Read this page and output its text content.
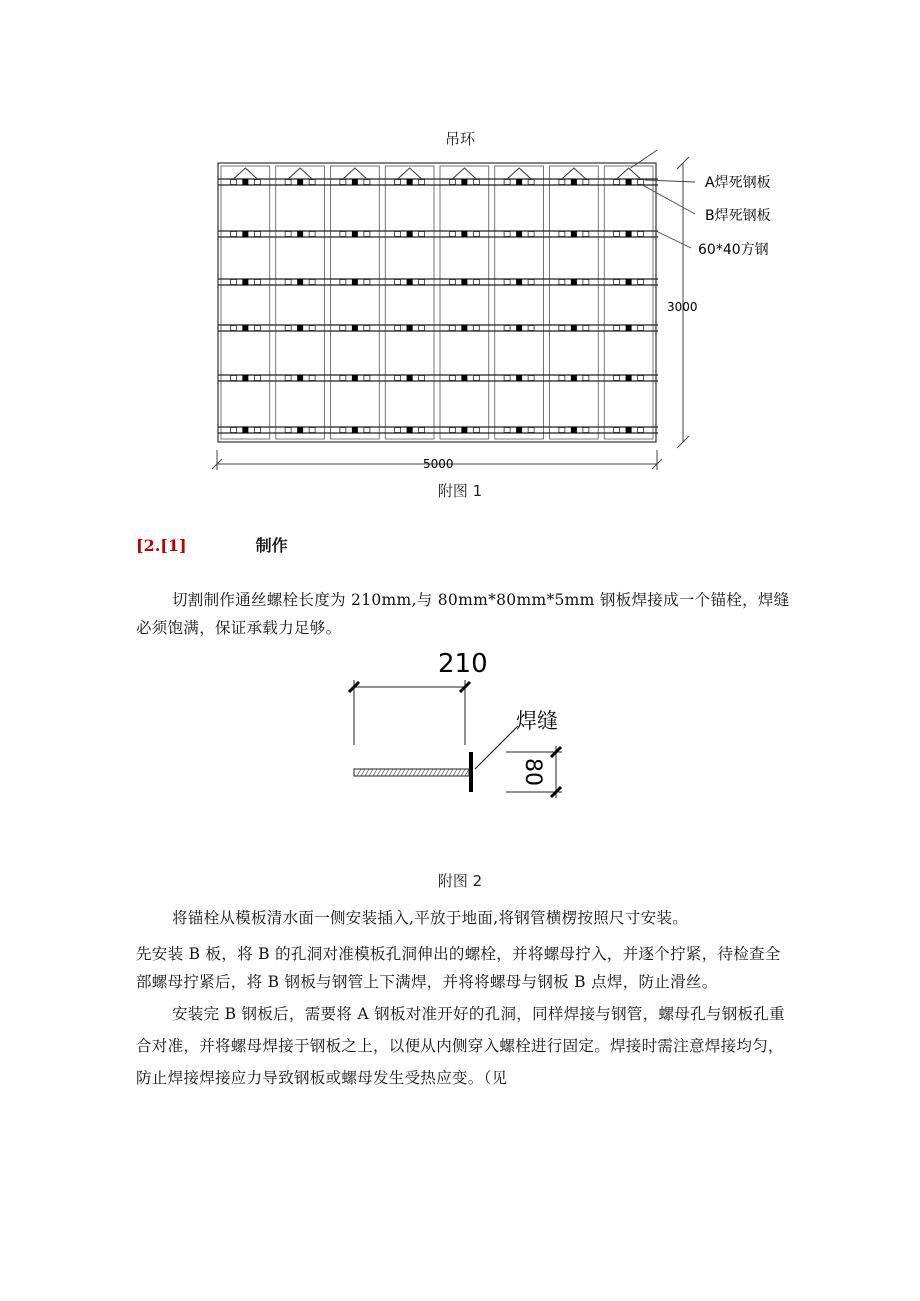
吊环
A焊死钢板
B焊死钢板
60*40方钢
3000
5000
附图 1
[2.[1]	制作

切割制作通丝螺栓长度为 210mm,与 80mm*80mm*5mm 钢板焊接成一个锚栓，焊缝必须饱满，保证承载力足够。

210
焊缝
80
附图 2

将锚栓从模板清水面一侧安装插入,平放于地面,将钢管横楞按照尺寸安装。

先安装 B 板，将 B 的孔洞对准模板孔洞伸出的螺栓，并将螺母拧入，并逐个拧紧，待检查全部螺母拧紧后，将 B 钢板与钢管上下满焊，并将将螺母与钢板 B 点焊，防止滑丝。

安装完 B 钢板后，需要将 A 钢板对准开好的孔洞，同样焊接与钢管，螺母孔与钢板孔重合对准，并将螺母焊接于钢板之上，以便从内侧穿入螺栓进行固定。焊接时需注意焊接均匀，防止焊接焊接应力导致钢板或螺母发生受热应变。（见
